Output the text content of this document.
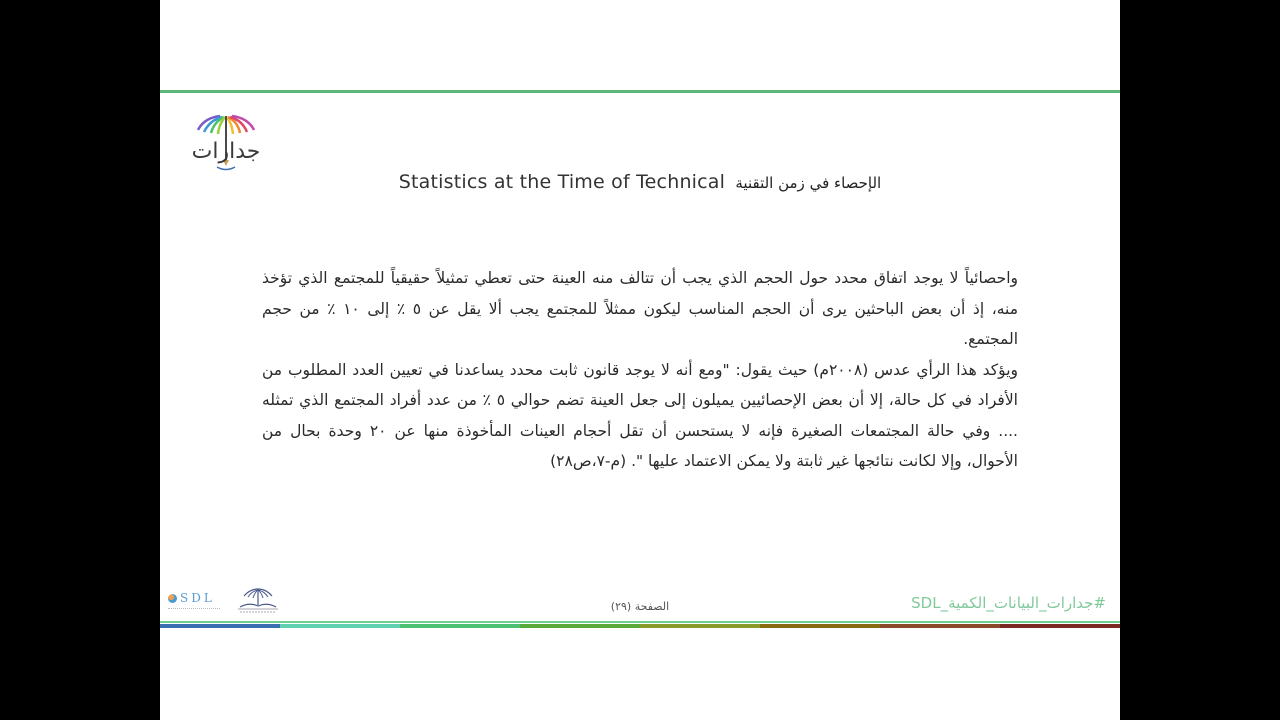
جدارات
Statistics at the Time of Technical الإحصاء في زمن التقنية

واحصائياً لا يوجد اتفاق محدد حول الحجم الذي يجب أن تتالف منه العينة حتى تعطي تمثيلاً حقيقياً للمجتمع الذي تؤخذ منه، إذ أن بعض الباحثين يرى أن الحجم المناسب ليكون ممثلاً للمجتمع يجب ألا يقل عن ٥ ٪ إلى ١٠ ٪ من حجم المجتمع.

ويؤكد هذا الرأي عدس (٢٠٠٨م) حيث يقول: "ومع أنه لا يوجد قانون ثابت محدد يساعدنا في تعيين العدد المطلوب من الأفراد في كل حالة، إلا أن بعض الإحصائيين يميلون إلى جعل العينة تضم حوالي ٥ ٪ من عدد أفراد المجتمع الذي تمثله .... وفي حالة المجتمعات الصغيرة فإنه لا يستحسن أن تقل أحجام العينات المأخوذة منها عن ٢٠ وحدة بحال من الأحوال، وإلا لكانت نتائجها غير ثابتة ولا يمكن الاعتماد عليها ". (م-٧،ص٢٨)

SDL
الصفحة (٢٩)	#جدارات_البيانات_الكمية_SDL
